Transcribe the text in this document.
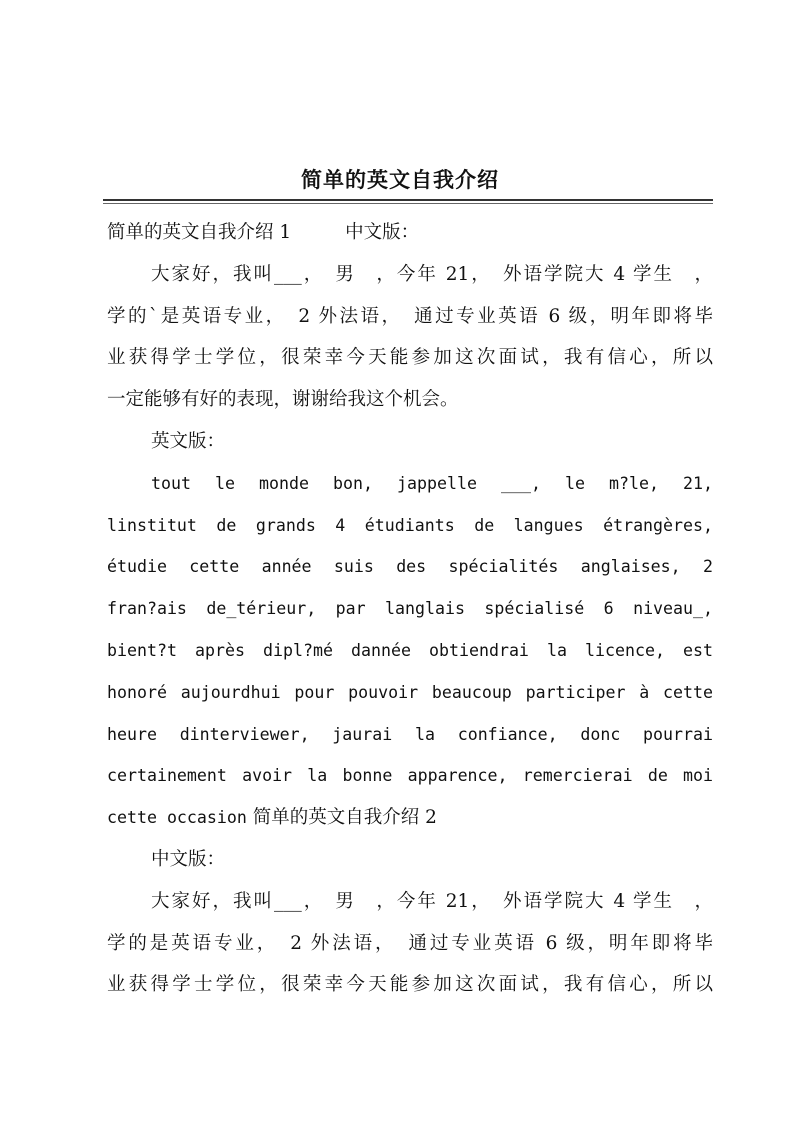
简单的英文自我介绍
简单的英文自我介绍 1	中文版：
大家好，我叫___，　男　，今年 21，　外语学院大 4 学生　，
学的`是英语专业，　2 外法语，　通过专业英语 6 级，明年即将毕
业获得学士学位，很荣幸今天能参加这次面试，我有信心，所以
一定能够有好的表现，谢谢给我这个机会。
英文版：
tout le monde bon, jappelle ___, le m?le, 21,
linstitut de grands 4 étudiants de langues étrangères,
étudie cette année suis des spécialités anglaises, 2
fran?ais de_térieur, par langlais spécialisé 6 niveau_,
bient?t après dipl?mé dannée obtiendrai la licence, est
honoré aujourdhui pour pouvoir beaucoup participer à cette
heure dinterviewer, jaurai la confiance, donc pourrai
certainement avoir la bonne apparence, remercierai de moi
cette occasion 简单的英文自我介绍 2
中文版：
大家好，我叫___，　男　，今年 21，　外语学院大 4 学生　，
学的是英语专业，　2 外法语，　通过专业英语 6 级，明年即将毕
业获得学士学位，很荣幸今天能参加这次面试，我有信心，所以
